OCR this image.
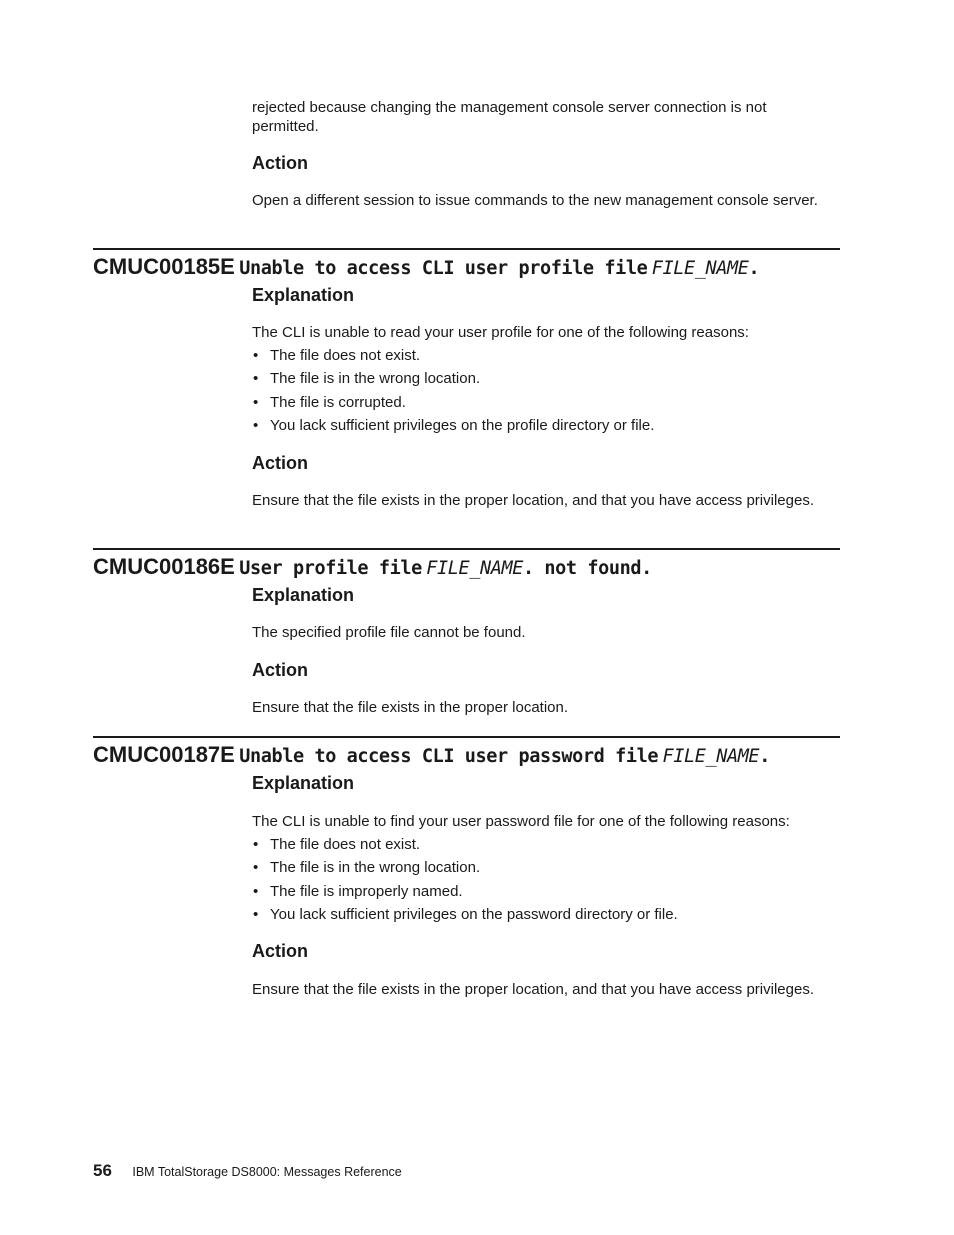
rejected because changing the management console server connection is not permitted.

Action

Open a different session to issue commands to the new management console server.

CMUC00185E Unable to access CLI user profile file FILE_NAME.
Explanation

The CLI is unable to read your user profile for one of the following reasons:

• The file does not exist.
• The file is in the wrong location.
• The file is corrupted.
• You lack sufficient privileges on the profile directory or file.
Action

Ensure that the file exists in the proper location, and that you have access privileges.

CMUC00186E User profile file FILE_NAME. not found.
Explanation

The specified profile file cannot be found.

Action

Ensure that the file exists in the proper location.

CMUC00187E Unable to access CLI user password file FILE_NAME.
Explanation

The CLI is unable to find your user password file for one of the following reasons:

• The file does not exist.
• The file is in the wrong location.
• The file is improperly named.
• You lack sufficient privileges on the password directory or file.
Action

Ensure that the file exists in the proper location, and that you have access privileges.

56 IBM TotalStorage DS8000: Messages Reference
